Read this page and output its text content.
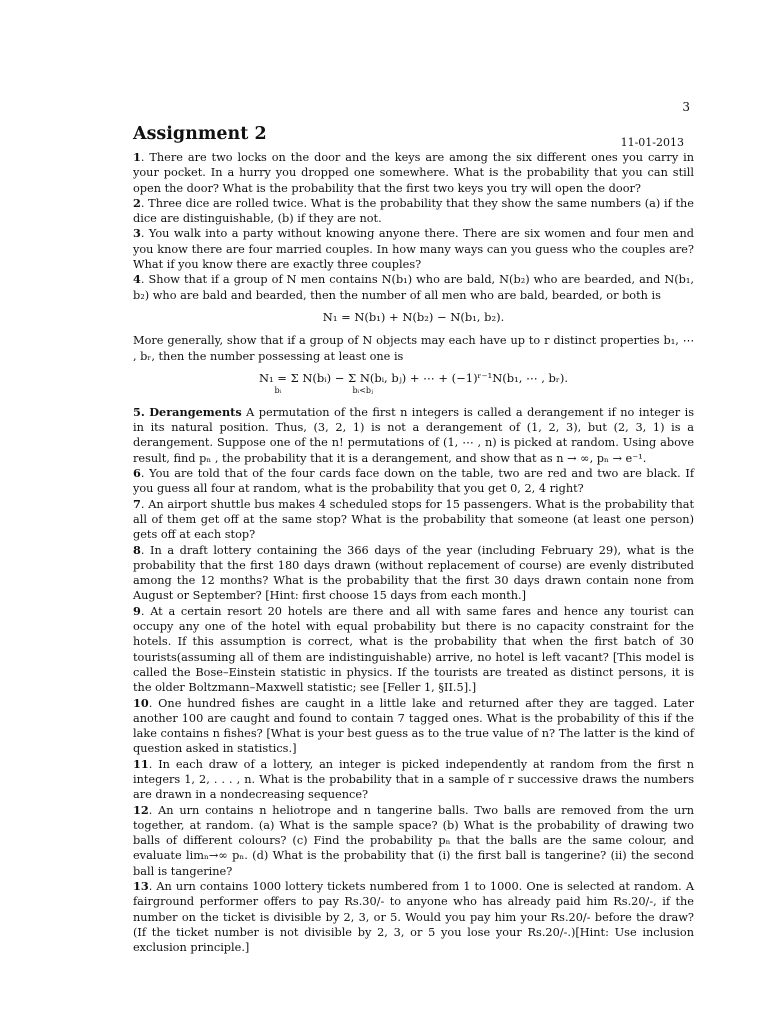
3
Assignment 2	11-01-2013

1. There are two locks on the door and the keys are among the six different ones you carry in your pocket. In a hurry you dropped one somewhere. What is the probability that you can still open the door? What is the probability that the first two keys you try will open the door?

2. Three dice are rolled twice. What is the probability that they show the same numbers (a) if the dice are distinguishable, (b) if they are not.

3. You walk into a party without knowing anyone there. There are six women and four men and you know there are four married couples. In how many ways can you guess who the couples are? What if you know there are exactly three couples?

4. Show that if a group of N men contains N(b₁) who are bald, N(b₂) who are bearded, and N(b₁, b₂) who are bald and bearded, then the number of all men who are bald, bearded, or both is

N₁ = N(b₁) + N(b₂) − N(b₁, b₂).

More generally, show that if a group of N objects may each have up to r distinct properties b₁, ⋯ , bᵣ, then the number possessing at least one is

N₁ = Σ N(bᵢ) − Σ N(bᵢ, bⱼ) + ⋯ + (−1)ʳ⁻¹N(b₁, ⋯ , bᵣ).
bᵢ	bᵢ<bⱼ

5. Derangements A permutation of the first n integers is called a derangement if no integer is in its natural position. Thus, (3, 2, 1) is not a derangement of (1, 2, 3), but (2, 3, 1) is a derangement. Suppose one of the n! permutations of (1, ⋯ , n) is picked at random. Using above result, find pₙ , the probability that it is a derangement, and show that as n → ∞, pₙ → e⁻¹.

6. You are told that of the four cards face down on the table, two are red and two are black. If you guess all four at random, what is the probability that you get 0, 2, 4 right?

7. An airport shuttle bus makes 4 scheduled stops for 15 passengers. What is the probability that all of them get off at the same stop? What is the probability that someone (at least one person) gets off at each stop?

8. In a draft lottery containing the 366 days of the year (including February 29), what is the probability that the first 180 days drawn (without replacement of course) are evenly distributed among the 12 months? What is the probability that the first 30 days drawn contain none from August or September? [Hint: first choose 15 days from each month.]

9. At a certain resort 20 hotels are there and all with same fares and hence any tourist can occupy any one of the hotel with equal probability but there is no capacity constraint for the hotels. If this assumption is correct, what is the probability that when the first batch of 30 tourists(assuming all of them are indistinguishable) arrive, no hotel is left vacant? [This model is called the Bose–Einstein statistic in physics. If the tourists are treated as distinct persons, it is the older Boltzmann–Maxwell statistic; see [Feller 1, §II.5].]

10. One hundred fishes are caught in a little lake and returned after they are tagged. Later another 100 are caught and found to contain 7 tagged ones. What is the probability of this if the lake contains n fishes? [What is your best guess as to the true value of n? The latter is the kind of question asked in statistics.]

11. In each draw of a lottery, an integer is picked independently at random from the first n integers 1, 2, . . . , n. What is the probability that in a sample of r successive draws the numbers are drawn in a nondecreasing sequence?

12. An urn contains n heliotrope and n tangerine balls. Two balls are removed from the urn together, at random. (a) What is the sample space? (b) What is the probability of drawing two balls of different colours? (c) Find the probability pₙ that the balls are the same colour, and evaluate limₙ→∞ pₙ. (d) What is the probability that (i) the first ball is tangerine? (ii) the second ball is tangerine?

13. An urn contains 1000 lottery tickets numbered from 1 to 1000. One is selected at random. A fairground performer offers to pay Rs.30/- to anyone who has already paid him Rs.20/-, if the number on the ticket is divisible by 2, 3, or 5. Would you pay him your Rs.20/- before the draw? (If the ticket number is not divisible by 2, 3, or 5 you lose your Rs.20/-.)[Hint: Use inclusion exclusion principle.]
